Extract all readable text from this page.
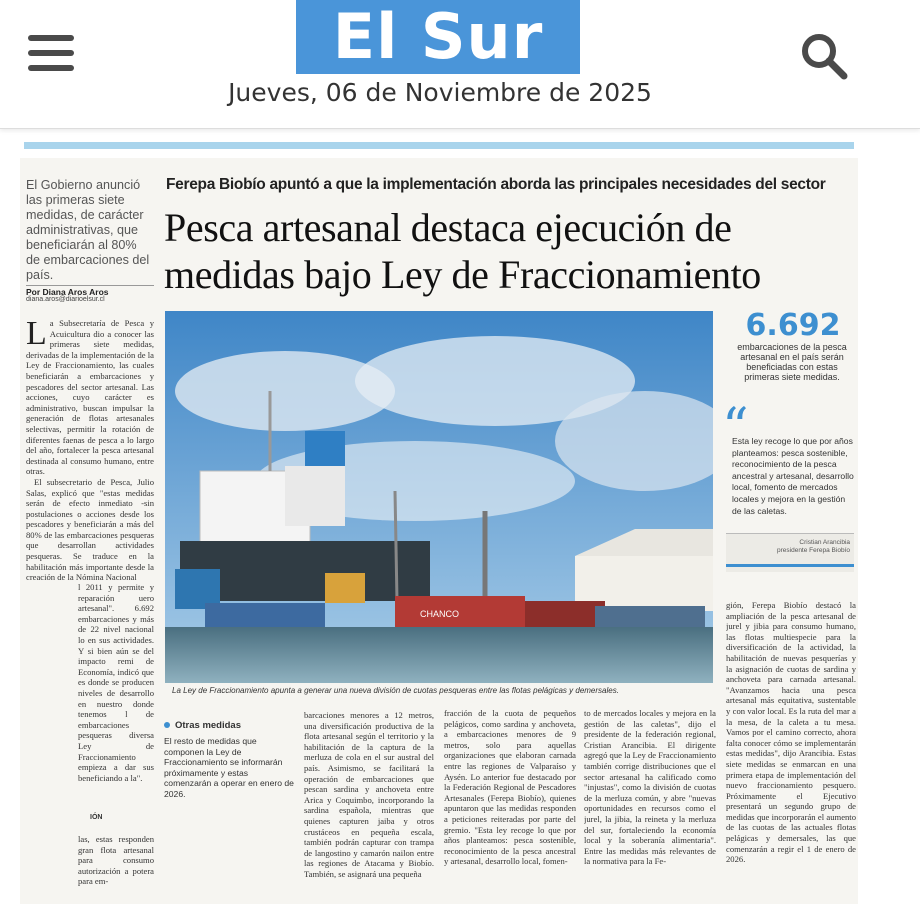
El Sur
Jueves, 06 de Noviembre de 2025
El Gobierno anunció las primeras siete medidas, de carácter administrativas, que beneficiarán al 80% de embarcaciones del país.
Por Diana Aros Aros
diana.aros@diarioelsur.cl
Ferepa Biobío apuntó a que la implementación aborda las principales necesidades del sector
Pesca artesanal destaca ejecución de medidas bajo Ley de Fraccionamiento
La Subsecretaría de Pesca y Acuicultura dio a conocer las primeras siete medidas, derivadas de la implementación de la Ley de Fraccionamiento, las cuales beneficiarán a embarcaciones y pescadores del sector artesanal. Las acciones, cuyo carácter es administrativo, buscan impulsar la generación de flotas artesanales selectivas, permitir la rotación de diferentes faenas de pesca a lo largo del año, fortalecer la pesca artesanal destinada al consumo humano, entre otras.
El subsecretario de Pesca, Julio Salas, explicó que "estas medidas serán de efecto inmediato -sin postulaciones o acciones desde los pescadores y beneficiarán a más del 80% de las embarcaciones pesqueras que desarrollan actividades pesqueras. Se traduce en la habilitación más importante desde la creación de la Nómina Nacional
l 2011 y permite y reparación uero artesanal". 6.692 embarcaciones y más de 22 nivel nacional lo en sus actividades. Y si bien aún se del impacto remi de Economía, indicó que es donde se producen niveles de desarrollo en nuestro donde tenemos l de embarcaciones pesqueras diversa Ley de Fraccionamiento empieza a dar sus beneficiando a la".
IÓN
las, estas responden gran flota artesanal para consumo autorización a potera para em-
CHANCO
La Ley de Fraccionamiento apunta a generar una nueva división de cuotas pesqueras entre las flotas pelágicas y demersales.
6.692
embarcaciones de la pesca artesanal en el país serán beneficiadas con estas primeras siete medidas.
“
Esta ley recoge lo que por años planteamos: pesca sostenible, reconocimiento de la pesca ancestral y artesanal, desarrollo local, fomento de mercados locales y mejora en la gestión de las caletas.
Cristian Arancibia
presidente Ferepa Biobío
Otras medidas
El resto de medidas que componen la Ley de Fraccionamiento se informarán próximamente y estas comenzarán a operar en enero de 2026.
barcaciones menores a 12 metros, una diversificación productiva de la flota artesanal según el territorio y la habilitación de la captura de la merluza de cola en el sur austral del país. Asimismo, se facilitará la operación de embarcaciones que pescan sardina y anchoveta entre Arica y Coquimbo, incorporando la sardina española, mientras que quienes capturen jaiba y otros crustáceos en pequeña escala, también podrán capturar con trampa de langostino y camarón nailon entre las regiones de Atacama y Biobío. También, se asignará una pequeña
fracción de la cuota de pequeños pelágicos, como sardina y anchoveta, a embarcaciones menores de 9 metros, solo para aquellas organizaciones que elaboran carnada entre las regiones de Valparaíso y Aysén. Lo anterior fue destacado por la Federación Regional de Pescadores Artesanales (Ferepa Biobío), quienes apuntaron que las medidas responden a peticiones reiteradas por parte del gremio. "Esta ley recoge lo que por años planteamos: pesca sostenible, reconocimiento de la pesca ancestral y artesanal, desarrollo local, fomen-
to de mercados locales y mejora en la gestión de las caletas", dijo el presidente de la federación regional, Cristian Arancibia. El dirigente agregó que la Ley de Fraccionamiento también corrige distribuciones que el sector artesanal ha calificado como "injustas", como la división de cuotas de la merluza común, y abre "nuevas oportunidades en recursos como el jurel, la jibia, la reineta y la merluza del sur, fortaleciendo la economía local y la soberanía alimentaria". Entre las medidas más relevantes de la normativa para la Fe-
gión, Ferepa Biobío destacó la ampliación de la pesca artesanal de jurel y jibia para consumo humano, las flotas multiespecie para la diversificación de la actividad, la habilitación de nuevas pesquerías y la asignación de cuotas de sardina y anchoveta para carnada artesanal. "Avanzamos hacia una pesca artesanal más equitativa, sustentable y con valor local. Es la ruta del mar a la mesa, de la caleta a tu mesa. Vamos por el camino correcto, ahora falta conocer cómo se implementarán estas medidas", dijo Arancibia. Estas siete medidas se enmarcan en una primera etapa de implementación del nuevo fraccionamiento pesquero. Próximamente el Ejecutivo presentará un segundo grupo de medidas que incorporarán el aumento de las cuotas de las actuales flotas pelágicas y demersales, las que comenzarán a regir el 1 de enero de 2026.
